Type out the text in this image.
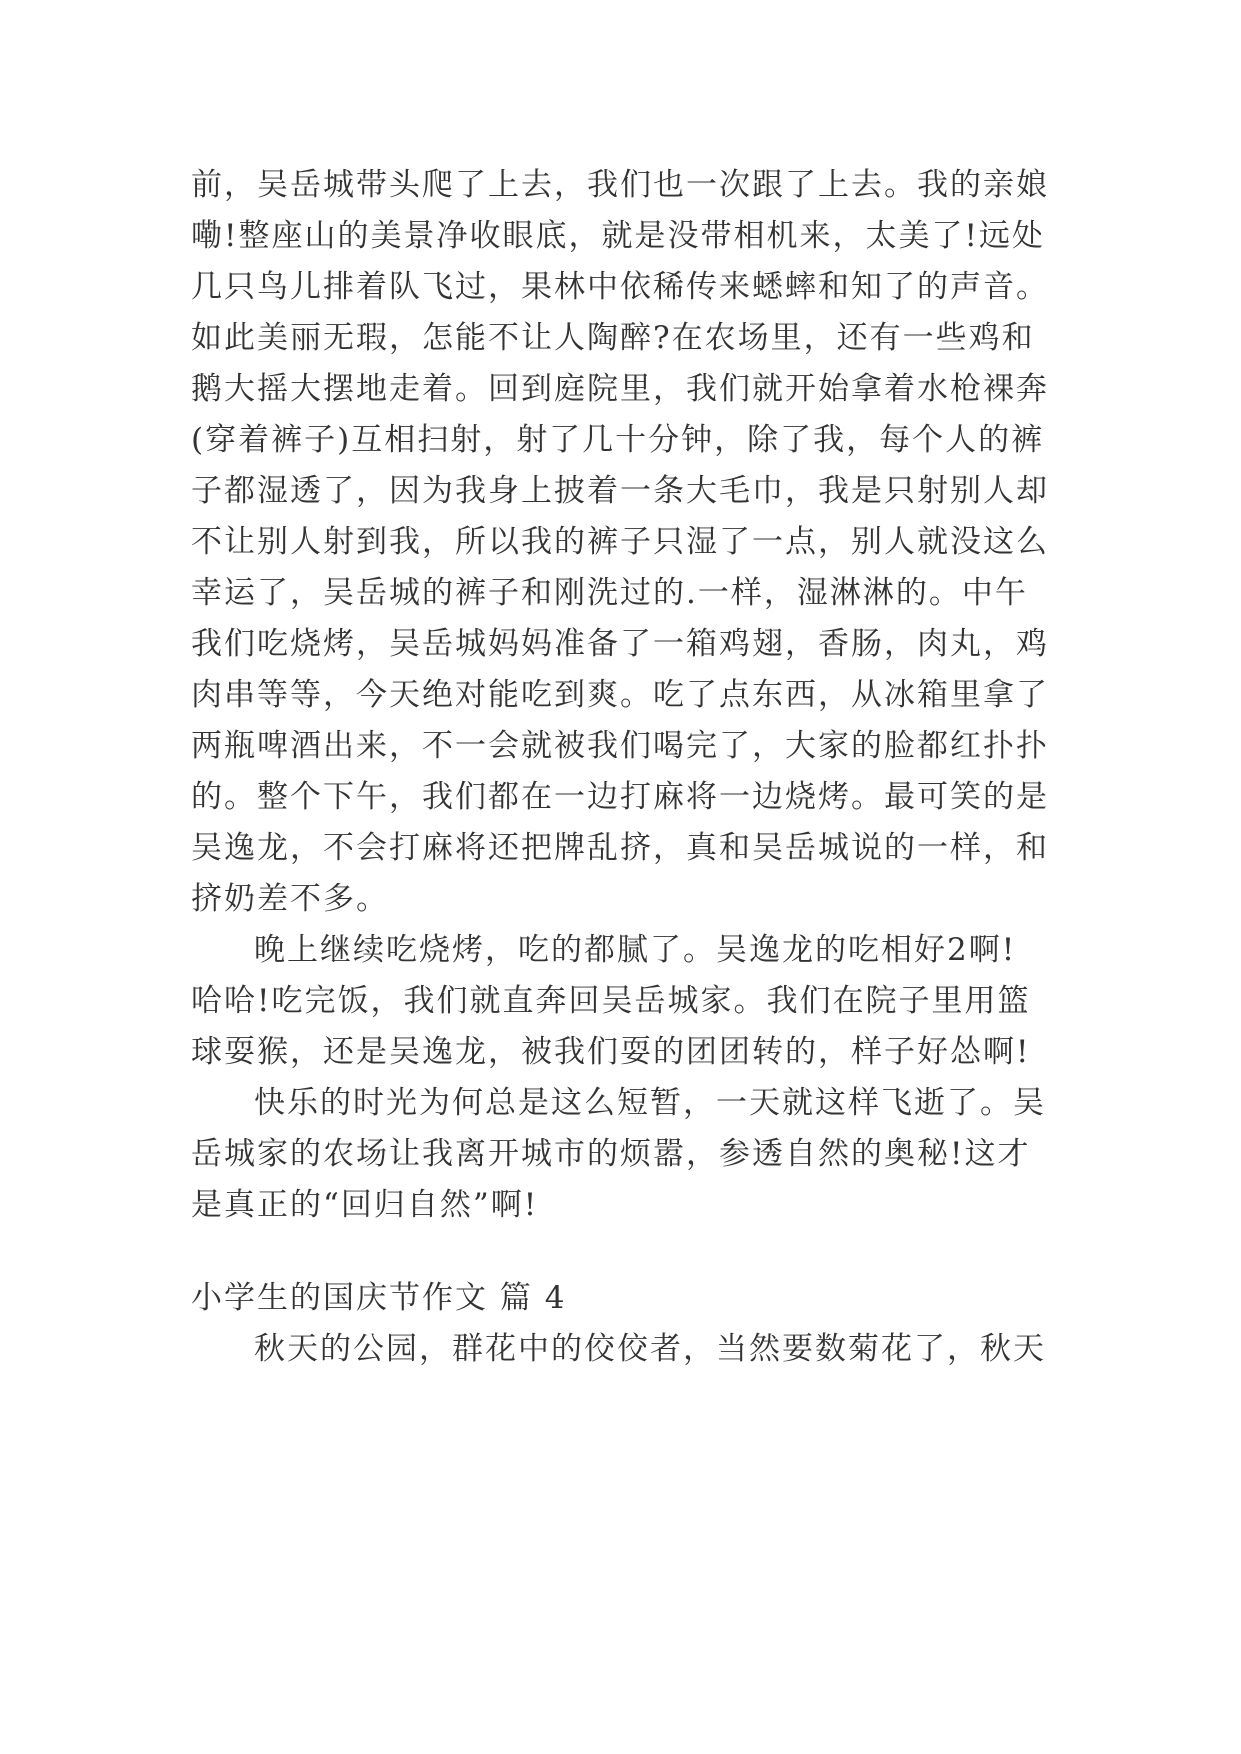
前，吴岳城带头爬了上去，我们也一次跟了上去。我的亲娘

嘞!整座山的美景净收眼底，就是没带相机来，太美了!远处

几只鸟儿排着队飞过，果林中依稀传来蟋蟀和知了的声音。

如此美丽无瑕，怎能不让人陶醉?在农场里，还有一些鸡和

鹅大摇大摆地走着。回到庭院里，我们就开始拿着水枪裸奔

(穿着裤子)互相扫射，射了几十分钟，除了我，每个人的裤

子都湿透了，因为我身上披着一条大毛巾，我是只射别人却

不让别人射到我，所以我的裤子只湿了一点，别人就没这么

幸运了，吴岳城的裤子和刚洗过的.一样，湿淋淋的。中午

我们吃烧烤，吴岳城妈妈准备了一箱鸡翅，香肠，肉丸，鸡

肉串等等，今天绝对能吃到爽。吃了点东西，从冰箱里拿了

两瓶啤酒出来，不一会就被我们喝完了，大家的脸都红扑扑

的。整个下午，我们都在一边打麻将一边烧烤。最可笑的是

吴逸龙，不会打麻将还把牌乱挤，真和吴岳城说的一样，和

挤奶差不多。

晚上继续吃烧烤，吃的都腻了。吴逸龙的吃相好2啊!

哈哈!吃完饭，我们就直奔回吴岳城家。我们在院子里用篮

球耍猴，还是吴逸龙，被我们耍的团团转的，样子好怂啊!

快乐的时光为何总是这么短暂，一天就这样飞逝了。吴

岳城家的农场让我离开城市的烦嚣，参透自然的奥秘!这才

是真正的“回归自然”啊!

小学生的国庆节作文 篇 4

秋天的公园，群花中的佼佼者，当然要数菊花了，秋天
